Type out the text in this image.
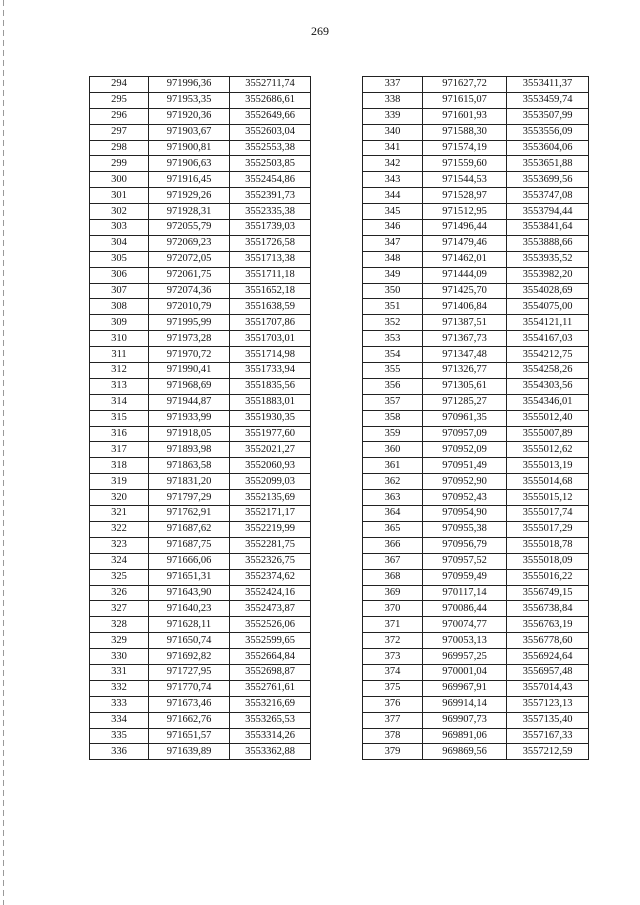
269
294	971996,36	3552711,74
295	971953,35	3552686,61
296	971920,36	3552649,66
297	971903,67	3552603,04
298	971900,81	3552553,38
299	971906,63	3552503,85
300	971916,45	3552454,86
301	971929,26	3552391,73
302	971928,31	3552335,38
303	972055,79	3551739,03
304	972069,23	3551726,58
305	972072,05	3551713,38
306	972061,75	3551711,18
307	972074,36	3551652,18
308	972010,79	3551638,59
309	971995,99	3551707,86
310	971973,28	3551703,01
311	971970,72	3551714,98
312	971990,41	3551733,94
313	971968,69	3551835,56
314	971944,87	3551883,01
315	971933,99	3551930,35
316	971918,05	3551977,60
317	971893,98	3552021,27
318	971863,58	3552060,93
319	971831,20	3552099,03
320	971797,29	3552135,69
321	971762,91	3552171,17
322	971687,62	3552219,99
323	971687,75	3552281,75
324	971666,06	3552326,75
325	971651,31	3552374,62
326	971643,90	3552424,16
327	971640,23	3552473,87
328	971628,11	3552526,06
329	971650,74	3552599,65
330	971692,82	3552664,84
331	971727,95	3552698,87
332	971770,74	3552761,61
333	971673,46	3553216,69
334	971662,76	3553265,53
335	971651,57	3553314,26
336	971639,89	3553362,88
337	971627,72	3553411,37
338	971615,07	3553459,74
339	971601,93	3553507,99
340	971588,30	3553556,09
341	971574,19	3553604,06
342	971559,60	3553651,88
343	971544,53	3553699,56
344	971528,97	3553747,08
345	971512,95	3553794,44
346	971496,44	3553841,64
347	971479,46	3553888,66
348	971462,01	3553935,52
349	971444,09	3553982,20
350	971425,70	3554028,69
351	971406,84	3554075,00
352	971387,51	3554121,11
353	971367,73	3554167,03
354	971347,48	3554212,75
355	971326,77	3554258,26
356	971305,61	3554303,56
357	971285,27	3554346,01
358	970961,35	3555012,40
359	970957,09	3555007,89
360	970952,09	3555012,62
361	970951,49	3555013,19
362	970952,90	3555014,68
363	970952,43	3555015,12
364	970954,90	3555017,74
365	970955,38	3555017,29
366	970956,79	3555018,78
367	970957,52	3555018,09
368	970959,49	3555016,22
369	970117,14	3556749,15
370	970086,44	3556738,84
371	970074,77	3556763,19
372	970053,13	3556778,60
373	969957,25	3556924,64
374	970001,04	3556957,48
375	969967,91	3557014,43
376	969914,14	3557123,13
377	969907,73	3557135,40
378	969891,06	3557167,33
379	969869,56	3557212,59
